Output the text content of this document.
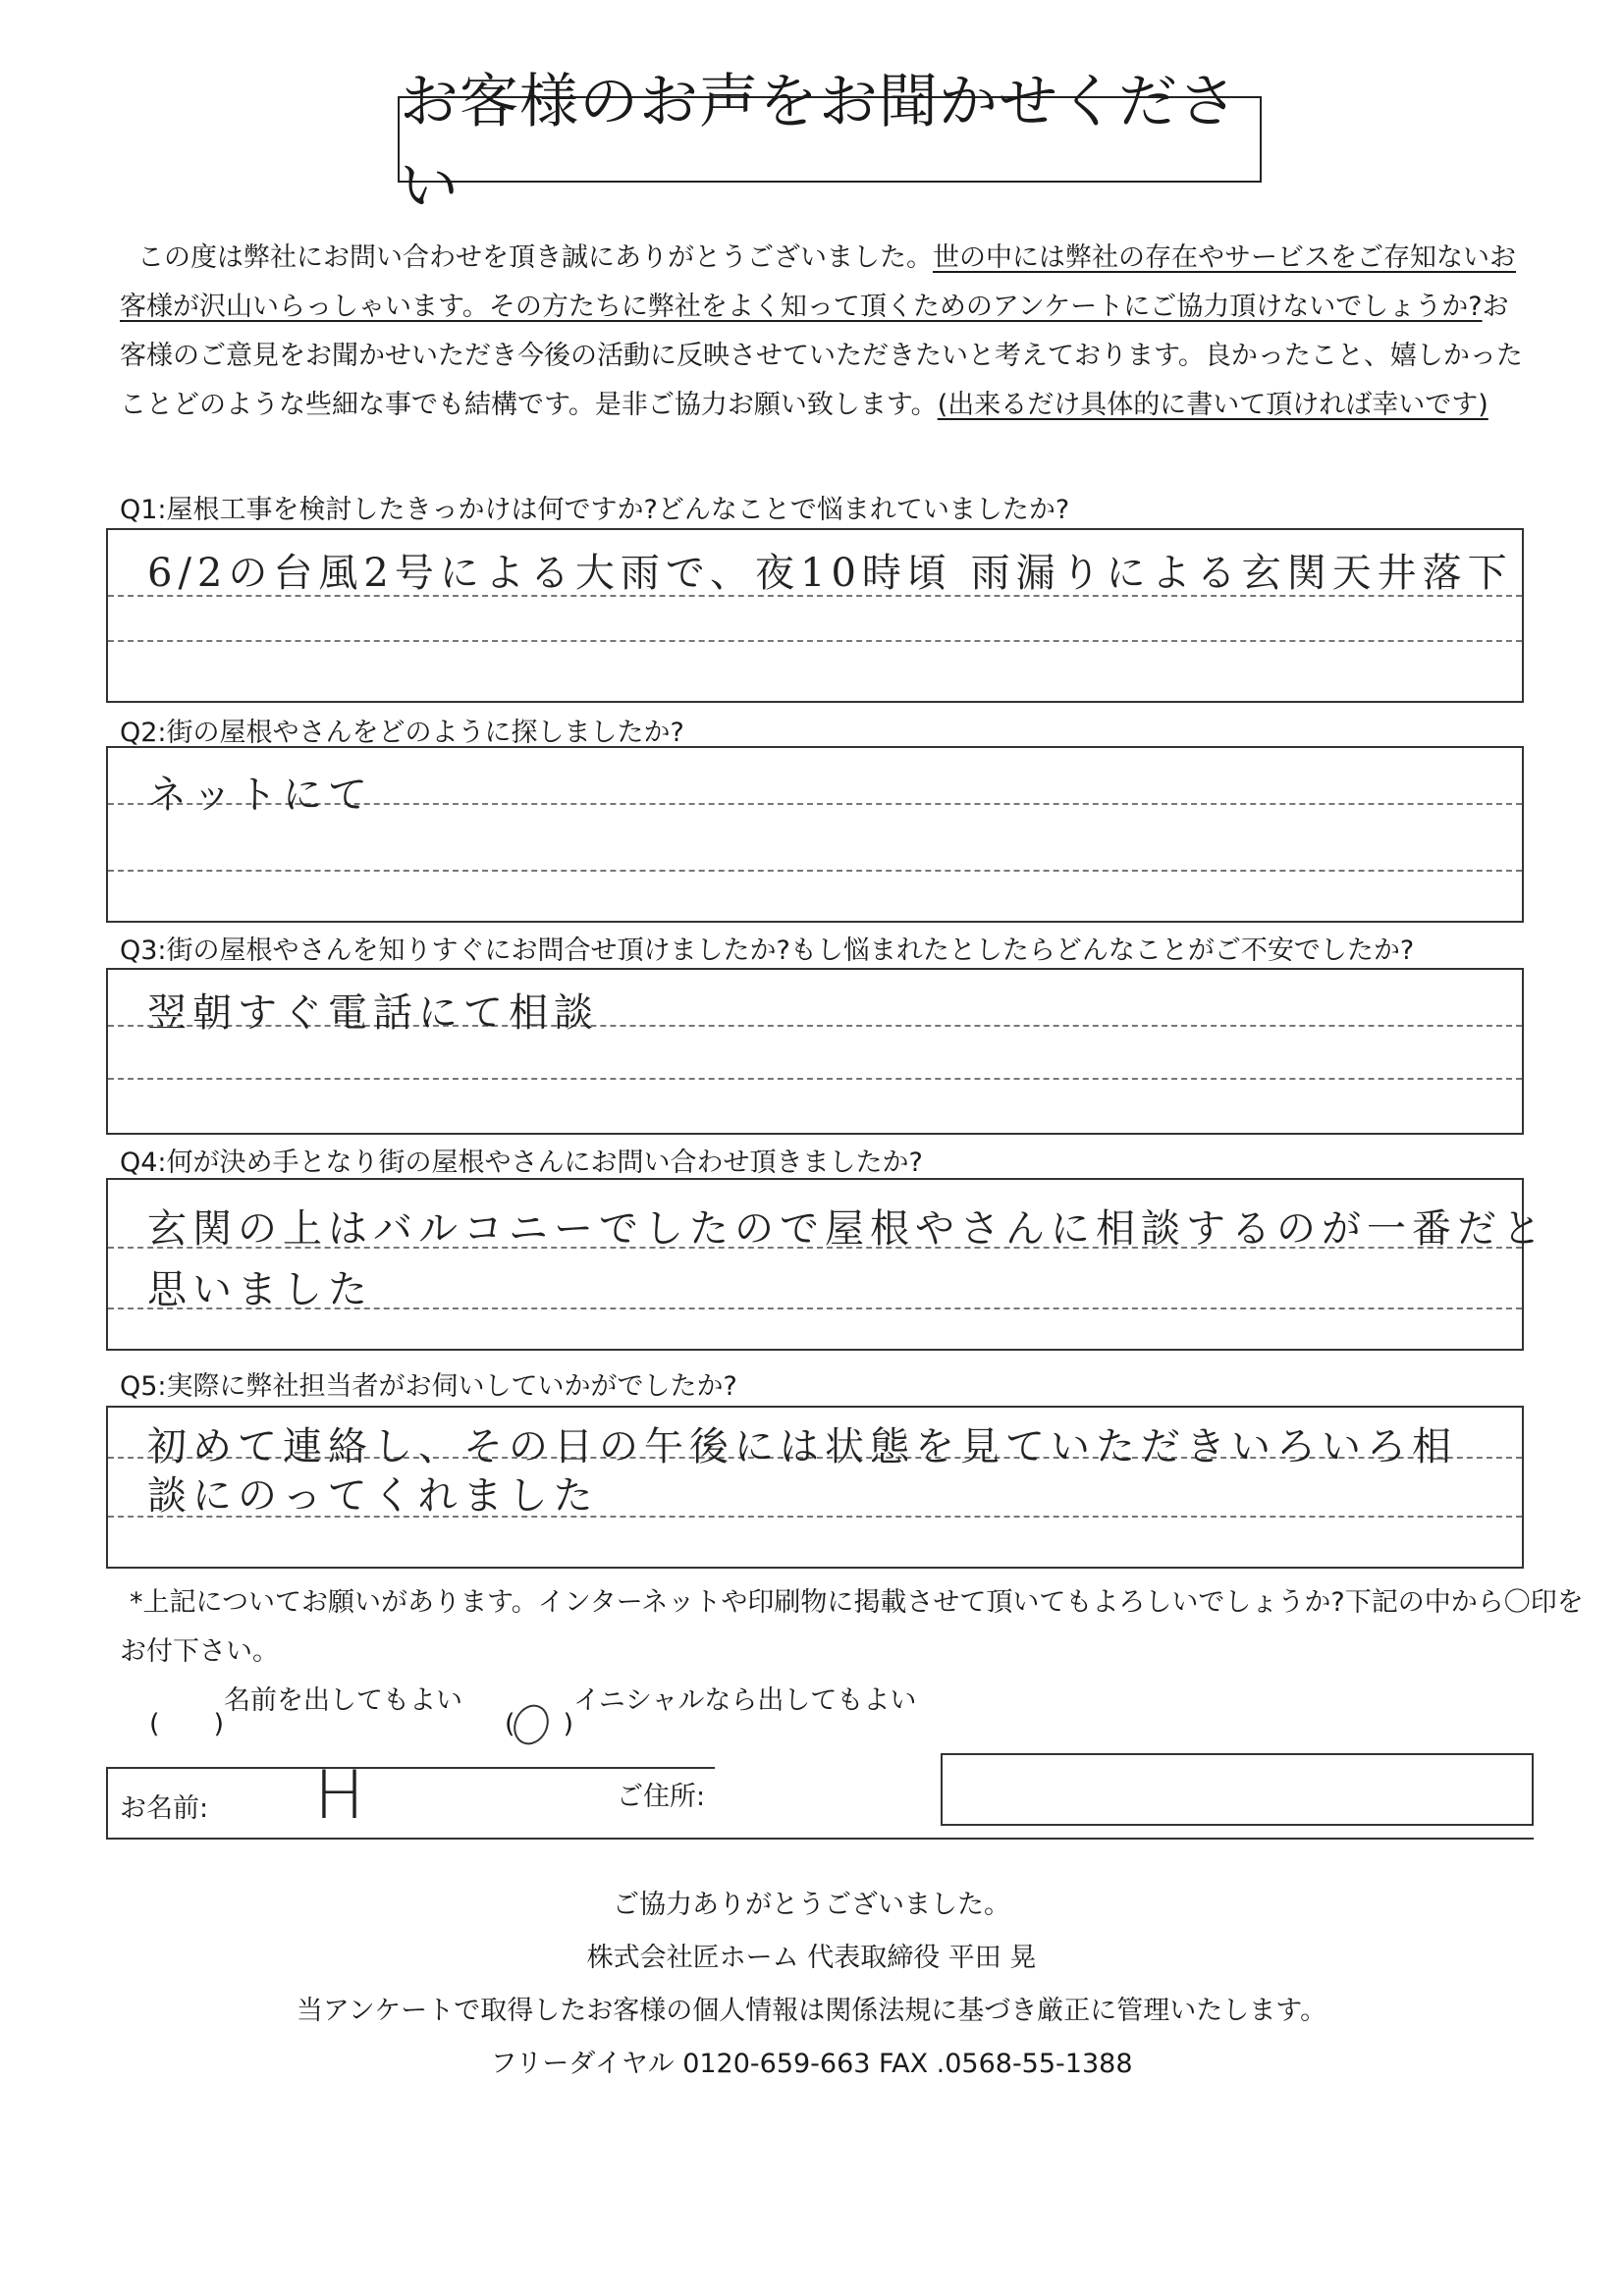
お客様のお声をお聞かせください
この度は弊社にお問い合わせを頂き誠にありがとうございました。世の中には弊社の存在やサービスをご存知ないお客様が沢山いらっしゃいます。その方たちに弊社をよく知って頂くためのアンケートにご協力頂けないでしょうか?お客様のご意見をお聞かせいただき今後の活動に反映させていただきたいと考えております。良かったこと、嬉しかったことどのような些細な事でも結構です。是非ご協力お願い致します。(出来るだけ具体的に書いて頂ければ幸いです)
Q1:屋根工事を検討したきっかけは何ですか?どんなことで悩まれていましたか?
6/2の台風2号による大雨で、夜10時頃 雨漏りによる玄関天井落下
Q2:街の屋根やさんをどのように探しましたか?
ネットにて
Q3:街の屋根やさんを知りすぐにお問合せ頂けましたか?もし悩まれたとしたらどんなことがご不安でしたか?
翌朝すぐ電話にて相談
Q4:何が決め手となり街の屋根やさんにお問い合わせ頂きましたか?
玄関の上はバルコニーでしたので屋根やさんに相談するのが一番だと
思いました
Q5:実際に弊社担当者がお伺いしていかがでしたか?
初めて連絡し、その日の午後には状態を見ていただきいろいろ相
談にのってくれました
*上記についてお願いがあります。インターネットや印刷物に掲載させて頂いてもよろしいでしょうか?下記の中から〇印を
お付下さい。
名前を出してもよい	イニシャルなら出してもよい
お名前: H	ご住所:
ご協力ありがとうございました。
株式会社匠ホーム 代表取締役 平田 晃
当アンケートで取得したお客様の個人情報は関係法規に基づき厳正に管理いたします。
フリーダイヤル 0120-659-663 FAX .0568-55-1388
